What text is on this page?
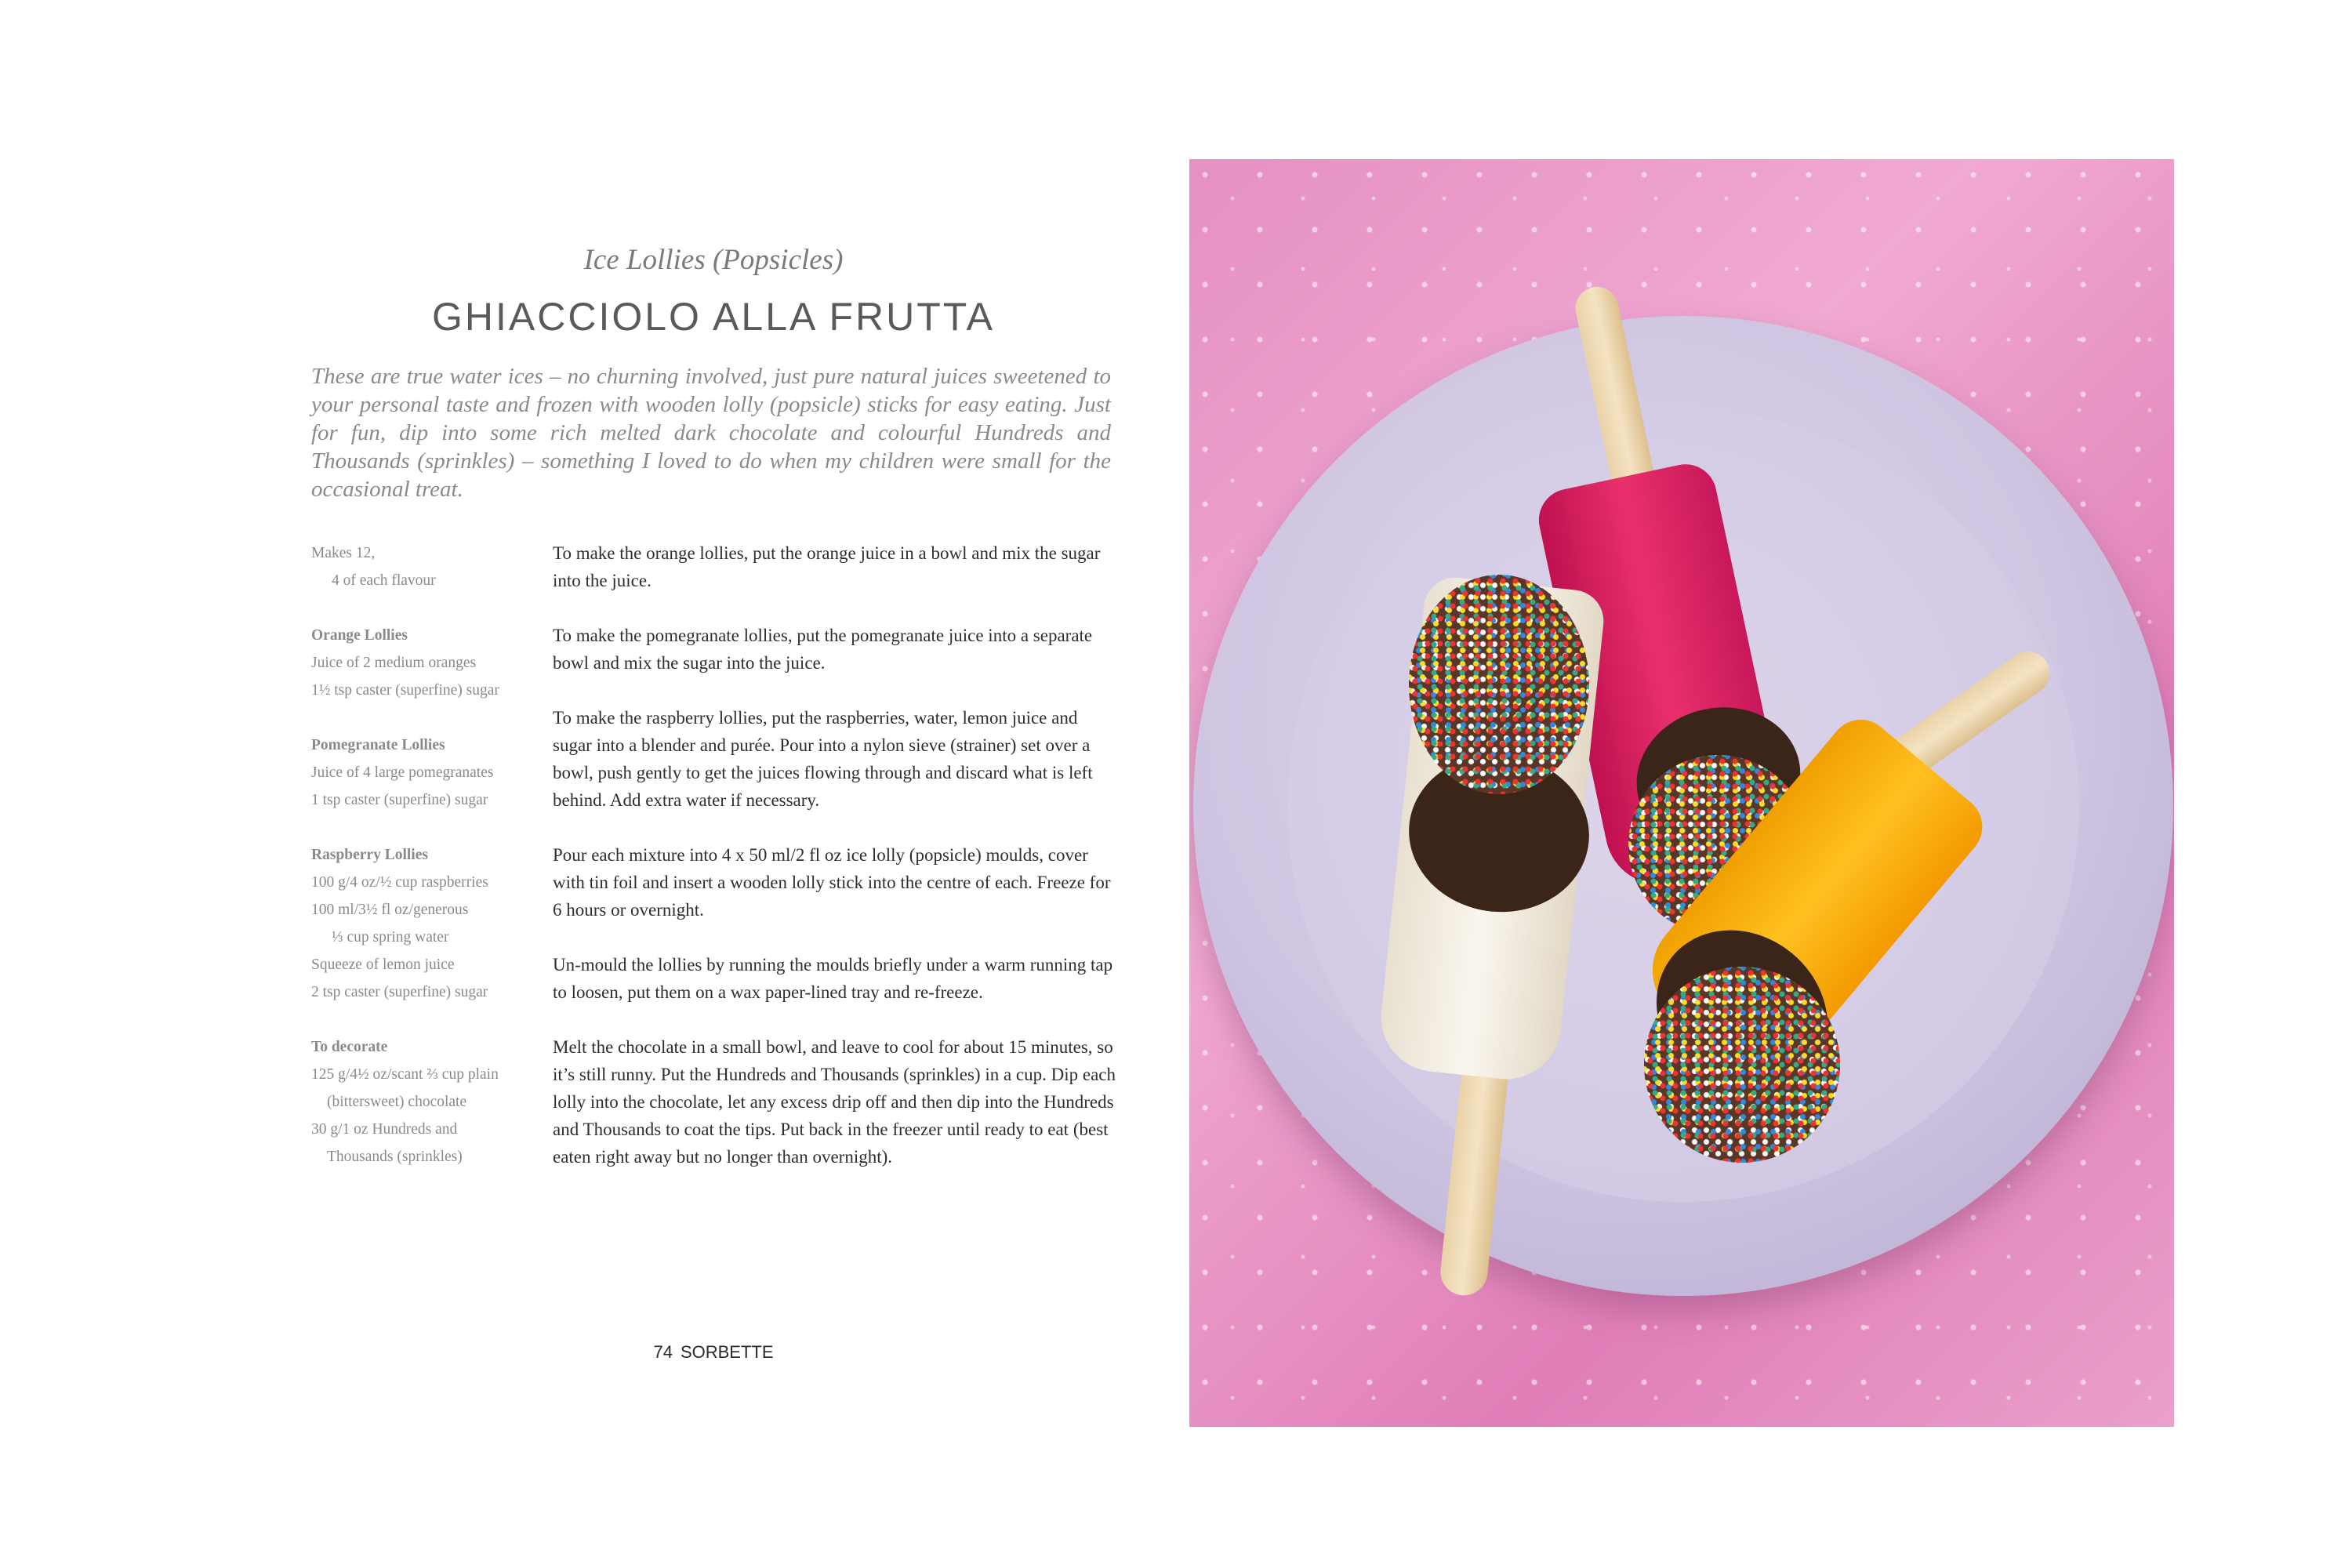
Ice Lollies (Popsicles)
GHIACCIOLO ALLA FRUTTA
These are true water ices – no churning involved, just pure natural juices sweetened to your personal taste and frozen with wooden lolly (popsicle) sticks for easy eating. Just for fun, dip into some rich melted dark chocolate and colourful Hundreds and Thousands (sprinkles) – something I loved to do when my children were small for the occasional treat.
Makes 12,
4 of each flavour
Orange Lollies
Juice of 2 medium oranges
1½ tsp caster (superfine) sugar
Pomegranate Lollies
Juice of 4 large pomegranates
1 tsp caster (superfine) sugar
Raspberry Lollies
100 g/4 oz/½ cup raspberries
100 ml/3½ fl oz/generous
⅓ cup spring water
Squeeze of lemon juice
2 tsp caster (superfine) sugar
To decorate
125 g/4½ oz/scant ⅔ cup plain
(bittersweet) chocolate
30 g/1 oz Hundreds and
Thousands (sprinkles)

To make the orange lollies, put the orange juice in a bowl and mix the sugar into the juice.

To make the pomegranate lollies, put the pomegranate juice into a separate bowl and mix the sugar into the juice.

To make the raspberry lollies, put the raspberries, water, lemon juice and sugar into a blender and purée. Pour into a nylon sieve (strainer) set over a bowl, push gently to get the juices flowing through and discard what is left behind. Add extra water if necessary.

Pour each mixture into 4 x 50 ml/2 fl oz ice lolly (popsicle) moulds, cover with tin foil and insert a wooden lolly stick into the centre of each. Freeze for 6 hours or overnight.

Un-mould the lollies by running the moulds briefly under a warm running tap to loosen, put them on a wax paper-lined tray and re-freeze.

Melt the chocolate in a small bowl, and leave to cool for about 15 minutes, so it’s still runny. Put the Hundreds and Thousands (sprinkles) in a cup. Dip each lolly into the chocolate, let any excess drip off and then dip into the Hundreds and Thousands to coat the tips. Put back in the freezer until ready to eat (best eaten right away but no longer than overnight).

74 SORBETTE
